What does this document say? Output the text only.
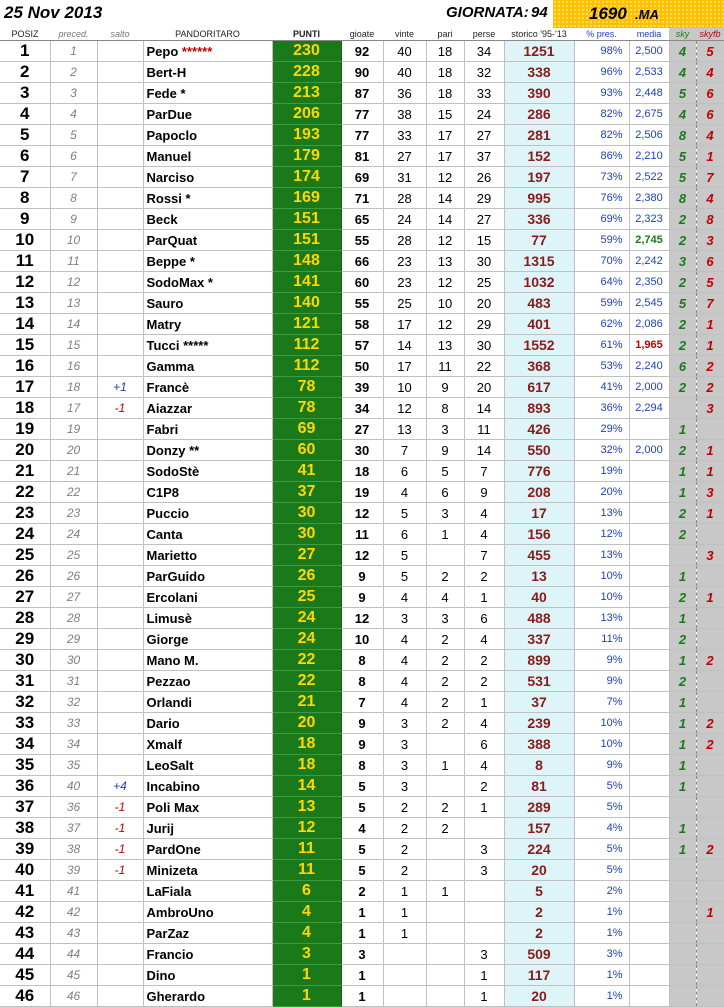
25 Nov 2013	GIORNATA: 94 1690 .MA
POSIZ	preced.	salto	PANDORITARO	PUNTI	gioate	vinte	pari	perse	storico '95-'13	% pres.	media	sky	skyfb
1	1		Pepo ******	230	92	40	18	34	1251	98%	2,500	4	5
2	2		Bert-H	228	90	40	18	32	338	96%	2,533	4	4
3	3		Fede *	213	87	36	18	33	390	93%	2,448	5	6
4	4		ParDue	206	77	38	15	24	286	82%	2,675	4	6
5	5		Papoclo	193	77	33	17	27	281	82%	2,506	8	4
6	6		Manuel	179	81	27	17	37	152	86%	2,210	5	1
7	7		Narciso	174	69	31	12	26	197	73%	2,522	5	7
8	8		Rossi *	169	71	28	14	29	995	76%	2,380	8	4
9	9		Beck	151	65	24	14	27	336	69%	2,323	2	8
10	10		ParQuat	151	55	28	12	15	77	59%	2,745	2	3
11	11		Beppe *	148	66	23	13	30	1315	70%	2,242	3	6
12	12		SodoMax *	141	60	23	12	25	1032	64%	2,350	2	5
13	13		Sauro	140	55	25	10	20	483	59%	2,545	5	7
14	14		Matry	121	58	17	12	29	401	62%	2,086	2	1
15	15		Tucci *****	112	57	14	13	30	1552	61%	1,965	2	1
16	16		Gamma	112	50	17	11	22	368	53%	2,240	6	2
17	18	+1	Francè	78	39	10	9	20	617	41%	2,000	2	2
18	17	-1	Aiazzar	78	34	12	8	14	893	36%	2,294		3
19	19		Fabri	69	27	13	3	11	426	29%		1	
20	20		Donzy **	60	30	7	9	14	550	32%	2,000	2	1
21	21		SodoStè	41	18	6	5	7	776	19%		1	1
22	22		C1P8	37	19	4	6	9	208	20%		1	3
23	23		Puccio	30	12	5	3	4	17	13%		2	1
24	24		Canta	30	11	6	1	4	156	12%		2	
25	25		Marietto	27	12	5		7	455	13%			3
26	26		ParGuido	26	9	5	2	2	13	10%		1	
27	27		Ercolani	25	9	4	4	1	40	10%		2	1
28	28		Limusè	24	12	3	3	6	488	13%		1	
29	29		Giorge	24	10	4	2	4	337	11%		2	
30	30		Mano M.	22	8	4	2	2	899	9%		1	2
31	31		Pezzao	22	8	4	2	2	531	9%		2	
32	32		Orlandi	21	7	4	2	1	37	7%		1	
33	33		Dario	20	9	3	2	4	239	10%		1	2
34	34		Xmalf	18	9	3		6	388	10%		1	2
35	35		LeoSalt	18	8	3	1	4	8	9%		1	
36	40	+4	Incabino	14	5	3		2	81	5%		1	
37	36	-1	Poli Max	13	5	2	2	1	289	5%			
38	37	-1	Jurij	12	4	2	2		157	4%		1	
39	38	-1	PardOne	11	5	2		3	224	5%		1	2
40	39	-1	Minizeta	11	5	2		3	20	5%			
41	41		LaFiala	6	2	1	1		5	2%			
42	42		AmbroUno	4	1	1			2	1%			1
43	43		ParZaz	4	1	1			2	1%			
44	44		Francio	3	3			3	509	3%			
45	45		Dino	1	1			1	117	1%			
46	46		Gherardo	1	1			1	20	1%			
